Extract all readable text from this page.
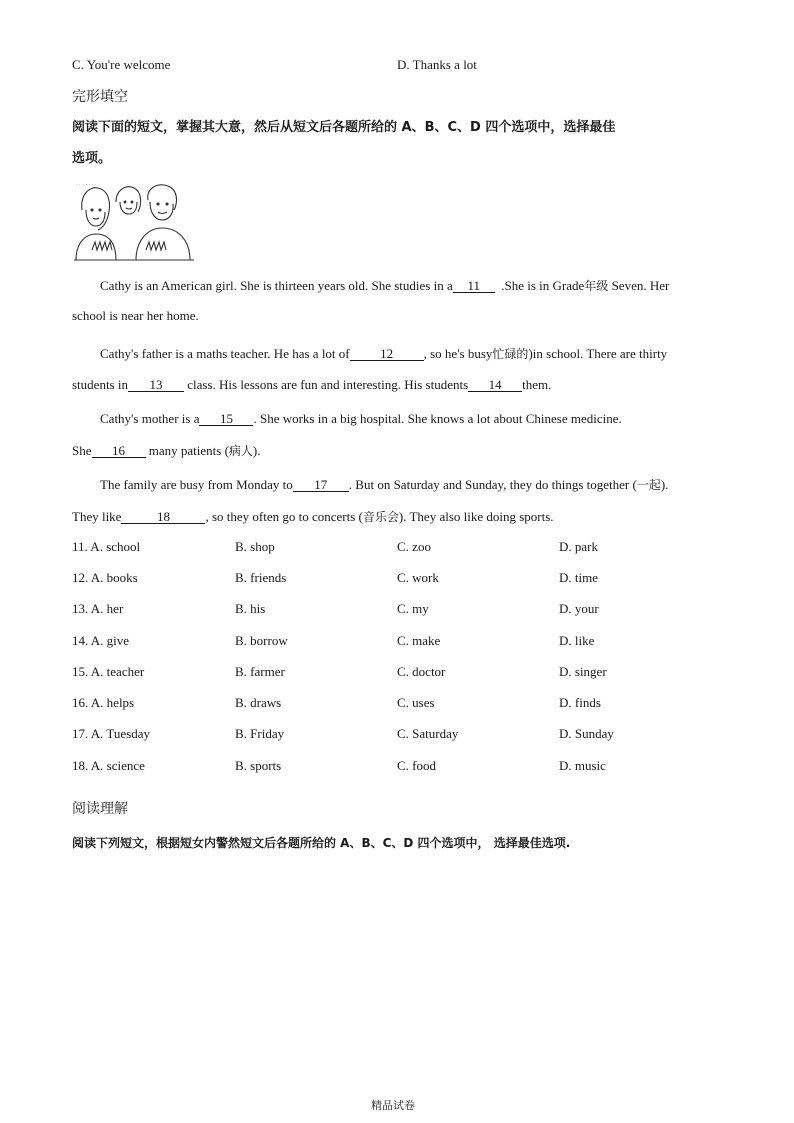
C. You're welcome	D. Thanks a lot
完形填空
阅读下面的短文，掌握其大意，然后从短文后各题所给的 A、B、C、D 四个选项中，选择最佳
选项。
· · · · · · ·
Cathy is an American girl. She is thirteen years old. She studies in a 11 .She is in Grade年级 Seven. Her
school is near her home.
Cathy's father is a maths teacher. He has a lot of 12 , so he's busy忙碌的)in school. There are thirty
students in 13 class. His lessons are fun and interesting. His students 14 them.
Cathy's mother is a 15 . She works in a big hospital. She knows a lot about Chinese medicine.
She 16 many patients (病人).
The family are busy from Monday to 17 . But on Saturday and Sunday, they do things together (一起).
They like	18	, so they often go to concerts (音乐会). They also like doing sports.
11. A. school	B. shop	C. zoo	D. park
12. A. books	B. friends	C. work	D. time
13. A. her	B. his	C. my	D. your
14. A. give	B. borrow	C. make	D. like
15. A. teacher	B. farmer	C. doctor	D. singer
16. A. helps	B. draws	C. uses	D. finds
17. A. Tuesday	B. Friday	C. Saturday	D. Sunday
18. A. science	B. sports	C. food	D. music
阅读理解
阅读下列短文，根据短女内警然短文后各题所给的 A、B、C、D 四个选项中， 选择最佳选项.
精品试卷
